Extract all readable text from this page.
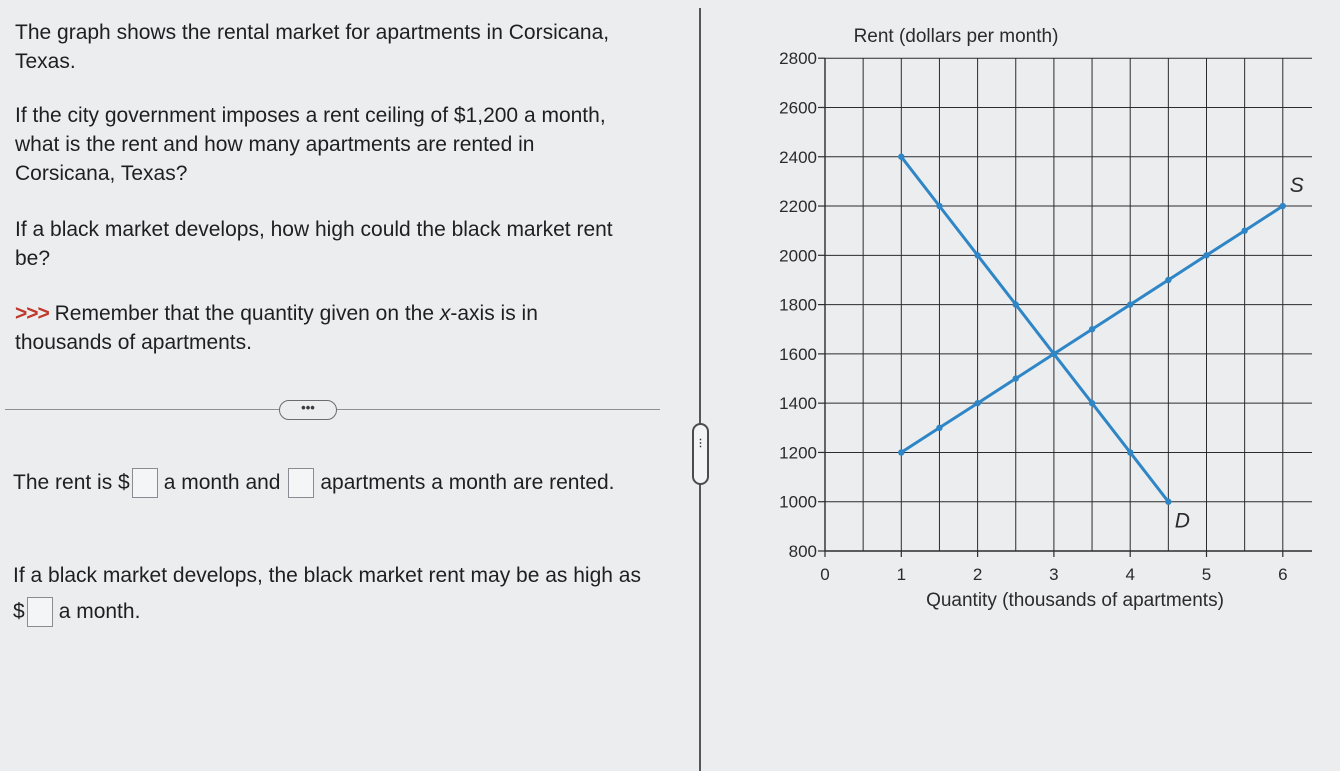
The graph shows the rental market for apartments in Corsicana, Texas.

If the city government imposes a rent ceiling of $1,200 a month, what is the rent and how many apartments are rented in Corsicana, Texas?

If a black market develops, how high could the black market rent be?

>>> Remember that the quantity given on the x-axis is in thousands of apartments.

•••

The rent is $ a month and apartments a month are rented.

If a black market develops, the black market rent may be as high as $ a month.

⋮
800
1000
1200
1400
1600
1800
2000
2200
2400
2600
2800
0	1	2	3	4	5	6
D
S
Rent (dollars per month)
Quantity (thousands of apartments)
